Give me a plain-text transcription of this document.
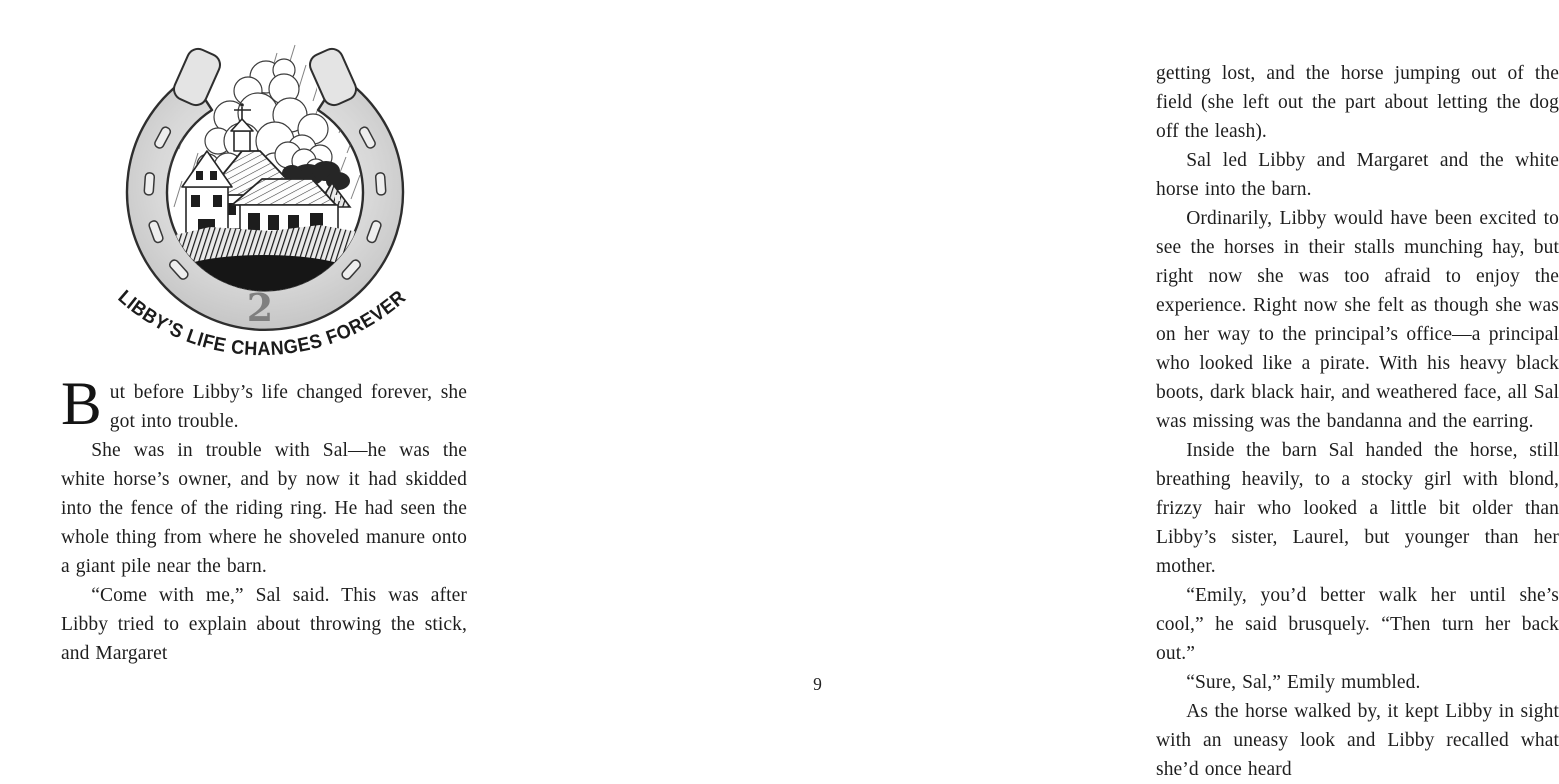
2
LIBBY’S LIFE CHANGES FOREVER

But before Libby’s life changed forever, she got into trouble.

She was in trouble with Sal—he was the white horse’s owner, and by now it had skidded into the fence of the riding ring. He had seen the whole thing from where he shoveled manure onto a giant pile near the barn.

“Come with me,” Sal said. This was after Libby tried to explain about throwing the stick, and Margaret

getting lost, and the horse jumping out of the field (she left out the part about letting the dog off the leash).

Sal led Libby and Margaret and the white horse into the barn.

Ordinarily, Libby would have been excited to see the horses in their stalls munching hay, but right now she was too afraid to enjoy the experience. Right now she felt as though she was on her way to the principal’s office—a principal who looked like a pirate. With his heavy black boots, dark black hair, and weathered face, all Sal was missing was the bandanna and the earring.

Inside the barn Sal handed the horse, still breathing heavily, to a stocky girl with blond, frizzy hair who looked a little bit older than Libby’s sister, Laurel, but younger than her mother.

“Emily, you’d better walk her until she’s cool,” he said brusquely. “Then turn her back out.”

“Sure, Sal,” Emily mumbled.

As the horse walked by, it kept Libby in sight with an uneasy look and Libby recalled what she’d once heard

9
